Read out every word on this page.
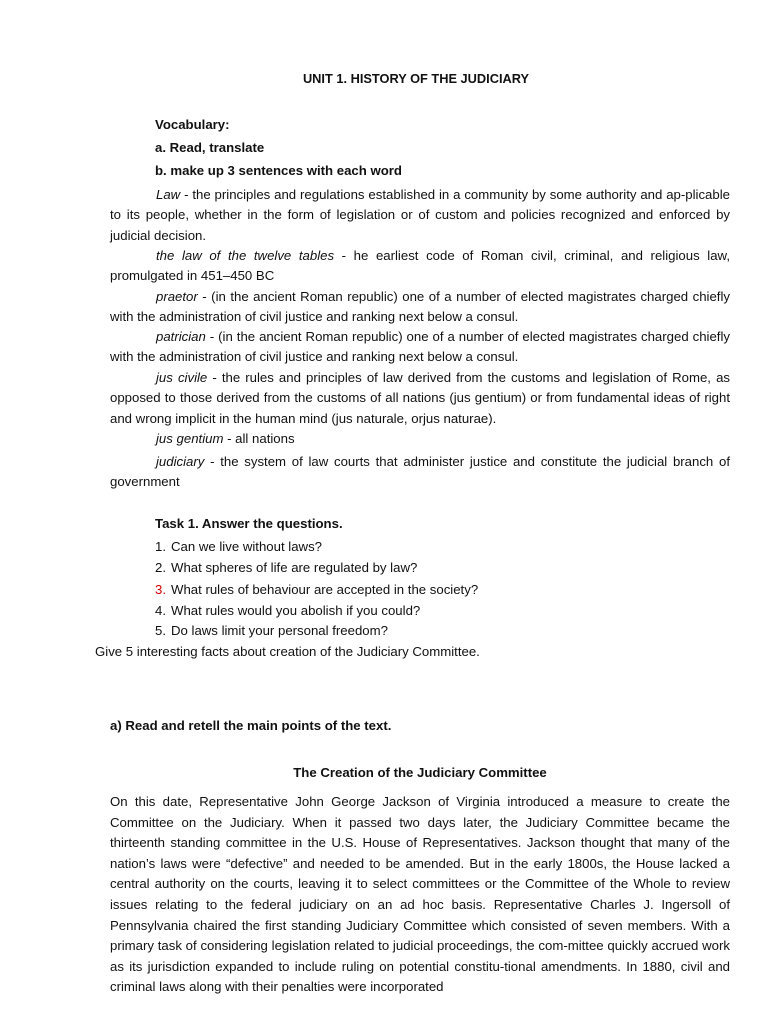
UNIT 1. HISTORY OF THE JUDICIARY
Vocabulary:
a. Read, translate
b. make up 3 sentences with each word

Law - the principles and regulations established in a community by some authority and ap-plicable to its people, whether in the form of legislation or of custom and policies recognized and enforced by judicial decision.

the law of the twelve tables - he earliest code of Roman civil, criminal, and religious law, promulgated in 451–450 BC

praetor - (in the ancient Roman republic) one of a number of elected magistrates charged chiefly with the administration of civil justice and ranking next below a consul.

patrician - (in the ancient Roman republic) one of a number of elected magistrates charged chiefly with the administration of civil justice and ranking next below a consul.

jus civile - the rules and principles of law derived from the customs and legislation of Rome, as opposed to those derived from the customs of all nations (jus gentium) or from fundamental ideas of right and wrong implicit in the human mind (jus naturale, orjus naturae).

jus gentium - all nations

judiciary - the system of law courts that administer justice and constitute the judicial branch of government

Task 1. Answer the questions.
1. Can we live without laws?
2. What spheres of life are regulated by law?
3. What rules of behaviour are accepted in the society?
4. What rules would you abolish if you could?
5. Do laws limit your personal freedom?
Give 5 interesting facts about creation of the Judiciary Committee.
a) Read and retell the main points of the text.
The Creation of the Judiciary Committee

On this date, Representative John George Jackson of Virginia introduced a measure to create the Committee on the Judiciary. When it passed two days later, the Judiciary Committee became the thirteenth standing committee in the U.S. House of Representatives. Jackson thought that many of the nation’s laws were “defective” and needed to be amended. But in the early 1800s, the House lacked a central authority on the courts, leaving it to select committees or the Committee of the Whole to review issues relating to the federal judiciary on an ad hoc basis. Representative Charles J. Ingersoll of Pennsylvania chaired the first standing Judiciary Committee which consisted of seven members. With a primary task of considering legislation related to judicial proceedings, the com-mittee quickly accrued work as its jurisdiction expanded to include ruling on potential constitu-tional amendments. In 1880, civil and criminal laws along with their penalties were incorporated
